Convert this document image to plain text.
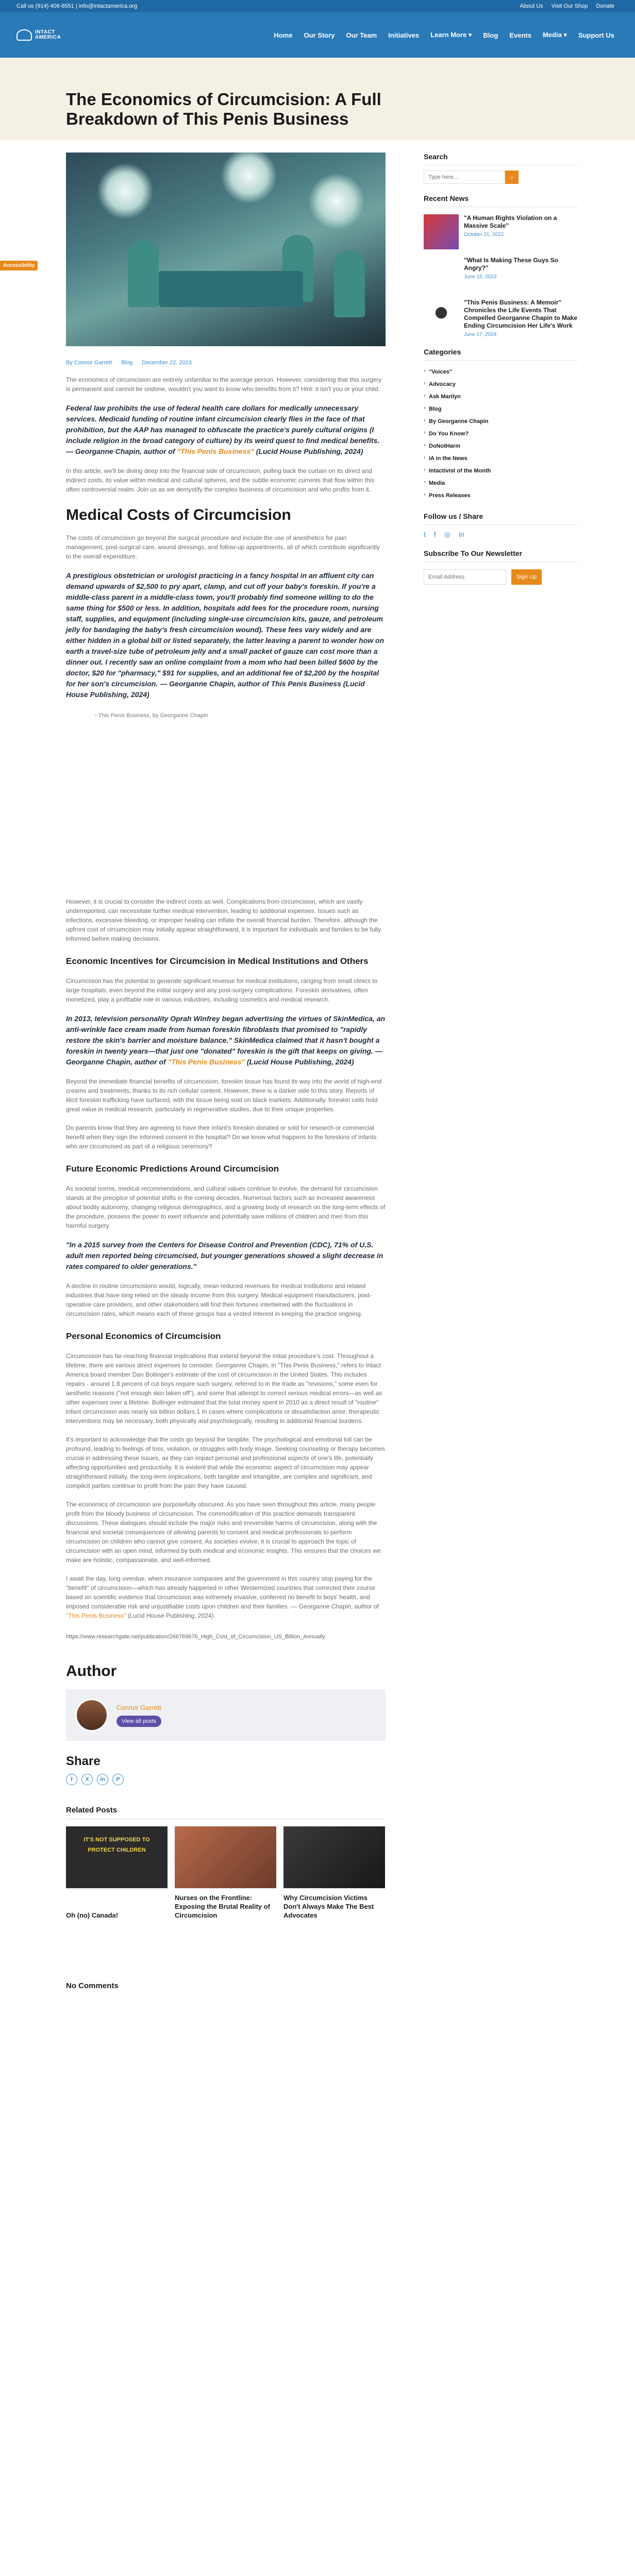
Call us (914) 406-8551 | info@intactamerica.org	About Us Visit Our Shop Donate
INTACT
AMERICA	Home Our Story Our Team Initiatives Learn More ▾ Blog Events Media ▾ Support Us
The Economics of Circumcision: A Full Breakdown of This Penis Business
Accessibility
By Connor Garrett Blog December 22, 2023

The economics of circumcision are entirely unfamiliar to the average person. However, considering that this surgery is permanent and cannot be undone, wouldn't you want to know who benefits from it? Hint: it isn't you or your child.

Federal law prohibits the use of federal health care dollars for medically unnecessary services. Medicaid funding of routine infant circumcision clearly flies in the face of that prohibition, but the AAP has managed to obfuscate the practice's purely cultural origins (I include religion in the broad category of culture) by its weird quest to find medical benefits. — Georganne Chapin, author of "This Penis Business" (Lucid House Publishing, 2024)

In this article, we'll be diving deep into the financial side of circumcision, pulling back the curtain on its direct and indirect costs, its value within medical and cultural spheres, and the subtle economic currents that flow within this often controversial realm. Join us as we demystify the complex business of circumcision and who profits from it.

Medical Costs of Circumcision

The costs of circumcision go beyond the surgical procedure and include the use of anesthetics for pain management, post-surgical care, wound dressings, and follow-up appointments, all of which contribute significantly to the overall expenditure.

A prestigious obstetrician or urologist practicing in a fancy hospital in an affluent city can demand upwards of $2,500 to pry apart, clamp, and cut off your baby's foreskin. If you're a middle-class parent in a middle-class town, you'll probably find someone willing to do the same thing for $500 or less. In addition, hospitals add fees for the procedure room, nursing staff, supplies, and equipment (including single-use circumcision kits, gauze, and petroleum jelly for bandaging the baby's fresh circumcision wound). These fees vary widely and are either hidden in a global bill or listed separately, the latter leaving a parent to wonder how on earth a travel-size tube of petroleum jelly and a small packet of gauze can cost more than a dinner out. I recently saw an online complaint from a mom who had been billed $600 by the doctor, $20 for "pharmacy," $91 for supplies, and an additional fee of $2,200 by the hospital for her son's circumcision. — Georganne Chapin, author of This Penis Business (Lucid House Publishing, 2024)

▫ This Penis Business, by Georganne Chapin

However, it is crucial to consider the indirect costs as well. Complications from circumcision, which are vastly underreported, can necessitate further medical intervention, leading to additional expenses. Issues such as infections, excessive bleeding, or improper healing can inflate the overall financial burden. Therefore, although the upfront cost of circumcision may initially appear straightforward, it is important for individuals and families to be fully informed before making decisions.

Economic Incentives for Circumcision in Medical Institutions and Others

Circumcision has the potential to generate significant revenue for medical institutions, ranging from small clinics to large hospitals, even beyond the initial surgery and any post-surgery complications. Foreskin derivatives, often monetized, play a profitable role in various industries, including cosmetics and medical research.

In 2013, television personality Oprah Winfrey began advertising the virtues of SkinMedica, an anti-wrinkle face cream made from human foreskin fibroblasts that promised to "rapidly restore the skin's barrier and moisture balance." SkinMedica claimed that it hasn't bought a foreskin in twenty years—that just one "donated" foreskin is the gift that keeps on giving. — Georganne Chapin, author of "This Penis Business" (Lucid House Publishing, 2024)

Beyond the immediate financial benefits of circumcision, foreskin tissue has found its way into the world of high-end creams and treatments, thanks to its rich cellular content. However, there is a darker side to this story. Reports of illicit foreskin trafficking have surfaced, with the tissue being sold on black markets. Additionally, foreskin cells hold great value in medical research, particularly in regenerative studies, due to their unique properties.

Do parents know that they are agreeing to have their infant's foreskin donated or sold for research or commercial benefit when they sign the informed consent in the hospital? Do we know what happens to the foreskins of infants who are circumcised as part of a religious ceremony?

Future Economic Predictions Around Circumcision

As societal norms, medical recommendations, and cultural values continue to evolve, the demand for circumcision stands at the precipice of potential shifts in the coming decades. Numerous factors such as increased awareness about bodily autonomy, changing religious demographics, and a growing body of research on the long-term effects of the procedure, possess the power to exert influence and potentially save millions of children and men from this harmful surgery.

"In a 2015 survey from the Centers for Disease Control and Prevention (CDC), 71% of U.S. adult men reported being circumcised, but younger generations showed a slight decrease in rates compared to older generations."

A decline in routine circumcisions would, logically, mean reduced revenues for medical institutions and related industries that have long relied on the steady income from this surgery. Medical equipment manufacturers, post-operative care providers, and other stakeholders will find their fortunes intertwined with the fluctuations in circumcision rates, which means each of these groups has a vested interest in keeping the practice ongoing.

Personal Economics of Circumcision

Circumcision has far-reaching financial implications that extend beyond the initial procedure's cost. Throughout a lifetime, there are various direct expenses to consider. Georganne Chapin, in "This Penis Business," refers to Intact America board member Dan Bollinger's estimate of the cost of circumcision in the United States. This includes repairs - around 1.8 percent of cut boys require such surgery, referred to in the trade as "revisions," some even for aesthetic reasons ("not enough skin taken off"), and some that attempt to correct serious medical errors—as well as other expenses over a lifetime. Bollinger estimated that the total money spent in 2010 as a direct result of "routine" infant circumcision was nearly six billion dollars.1 In cases where complications or dissatisfaction arise, therapeutic interventions may be necessary, both physically and psychologically, resulting in additional financial burdens.

It's important to acknowledge that the costs go beyond the tangible. The psychological and emotional toll can be profound, leading to feelings of loss, violation, or struggles with body image. Seeking counseling or therapy becomes crucial in addressing these issues, as they can impact personal and professional aspects of one's life, potentially affecting opportunities and productivity. It is evident that while the economic aspect of circumcision may appear straightforward initially, the long-term implications, both tangible and intangible, are complex and significant, and complicit parties continue to profit from the pain they have caused.

The economics of circumcision are purposefully obscured. As you have seen throughout this article, many people profit from the bloody business of circumcision. The commodification of this practice demands transparent discussions. These dialogues should include the major risks and irreversible harms of circumcision, along with the financial and societal consequences of allowing parents to consent and medical professionals to perform circumcision on children who cannot give consent. As societies evolve, it is crucial to approach the topic of circumcision with an open mind, informed by both medical and economic insights. This ensures that the choices we make are holistic, compassionate, and well-informed.

I await the day, long overdue, when insurance companies and the government in this country stop paying for the "benefit" of circumcision—which has already happened in other Westernized countries that corrected their course based on scientific evidence that circumcision was extremely invasive, conferred no benefit to boys' health, and imposed considerable risk and unjustifiable costs upon children and their families. — Georganne Chapin, author of "This Penis Business" (Lucid House Publishing, 2024)

https://www.researchgate.net/publication/266769676_High_Cost_of_Circumcision_US_Billion_Annually

Author
Connor Garrett
View all posts
Share
f	X	in	P
Related Posts
IT'S NOT SUPPOSED TO PROTECT CHILDREN
Oh (no) Canada!
Nurses on the Frontline: Exposing the Brutal Reality of Circumcision
Why Circumcision Victims Don't Always Make The Best Advocates
No Comments
Search
Type here...
⌕
Recent News
"A Human Rights Violation on a Massive Scale"
October 21, 2022
"What Is Making These Guys So Angry?"
June 15, 2023
"This Penis Business: A Memoir" Chronicles the Life Events That Compelled Georganne Chapin to Make Ending Circumcision Her Life's Work
June 17, 2024
Categories
› "Voices"
› Advocacy
› Ask Marilyn
› Blog
› By Georganne Chapin
› Do You Know?
› DoNotHarm
› IA in the News
› Intactivist of the Month
› Media
› Press Releases
Follow us / Share
t f ◎ in
Subscribe To Our Newsletter
Email Address
Sign Up
